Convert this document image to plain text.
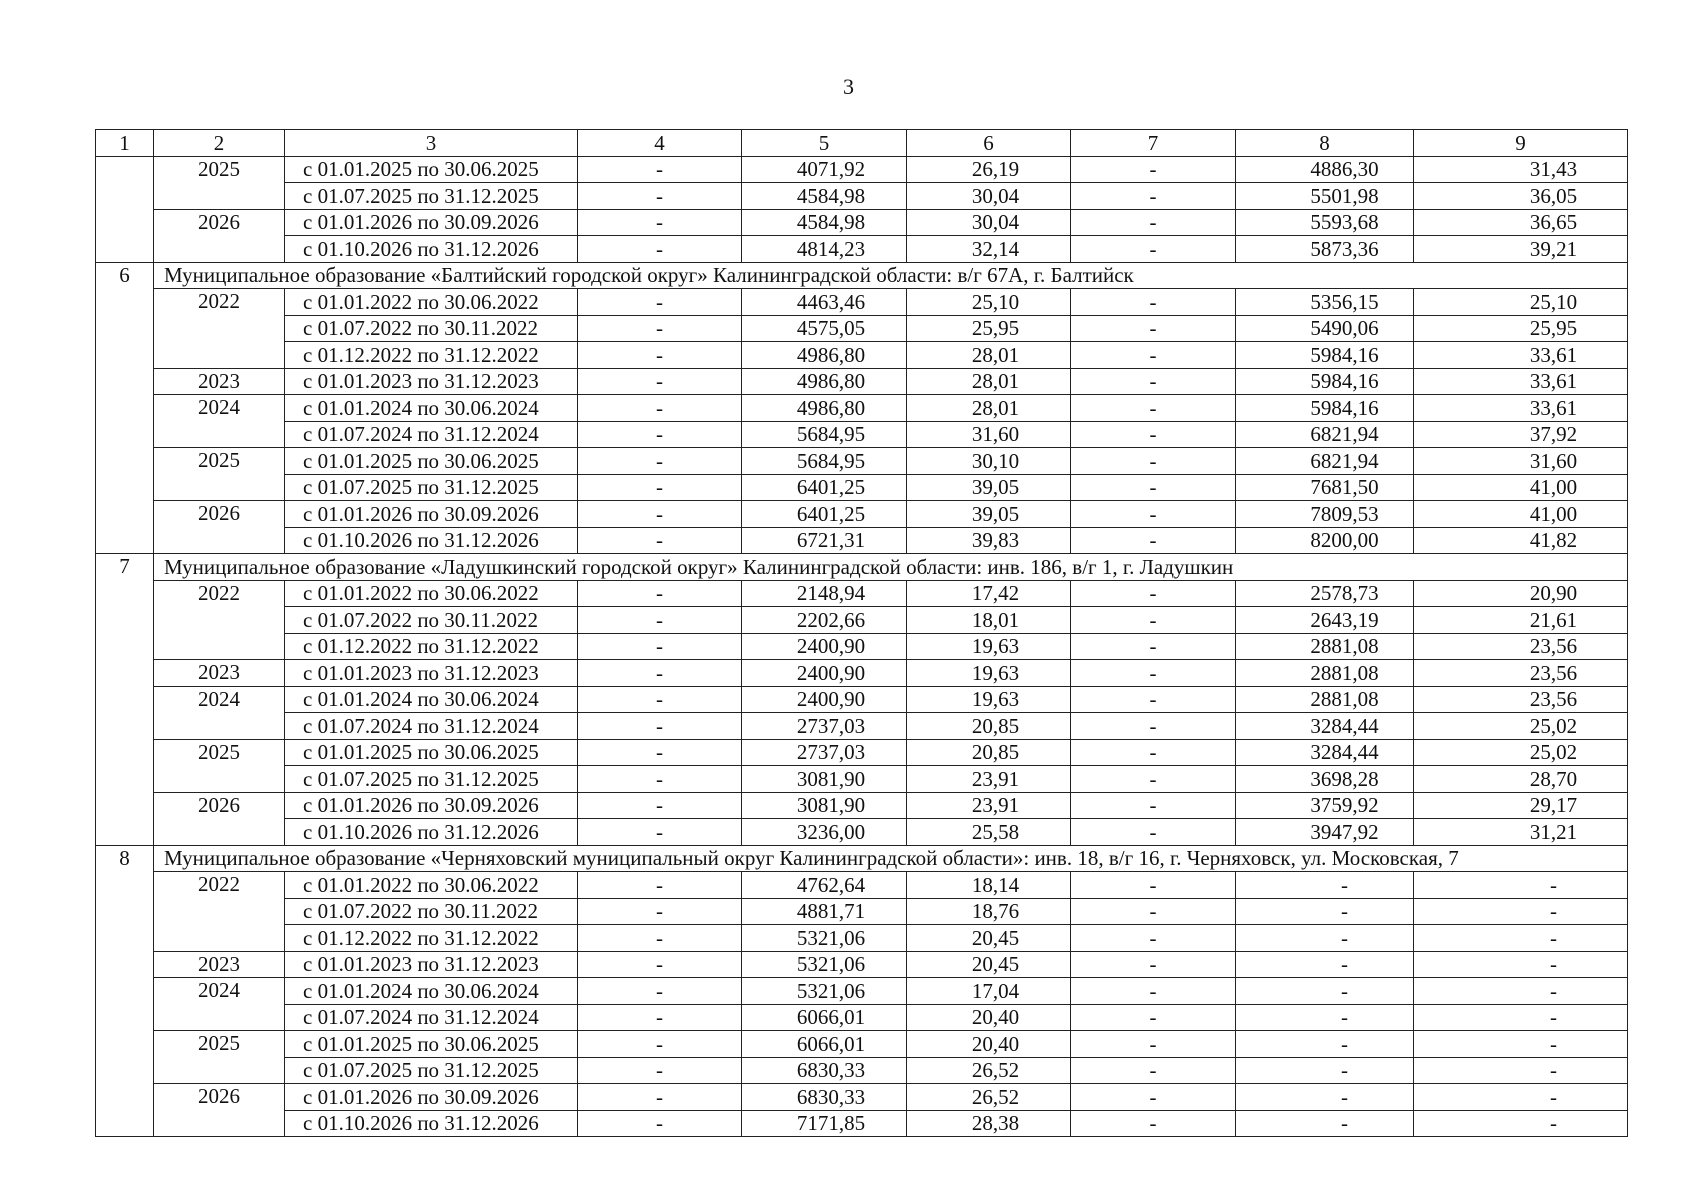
3
1	2	3	4	5	6	7	8	9
	2025	с 01.01.2025 по 30.06.2025	-	4071,92	26,19	-	4886,30	31,43
		с 01.07.2025 по 31.12.2025	-	4584,98	30,04	-	5501,98	36,05
	2026	с 01.01.2026 по 30.09.2026	-	4584,98	30,04	-	5593,68	36,65
		с 01.10.2026 по 31.12.2026	-	4814,23	32,14	-	5873,36	39,21
6	Муниципальное образование «Балтийский городской округ» Калининградской области: в/г 67А, г. Балтийск							
	2022	с 01.01.2022 по 30.06.2022	-	4463,46	25,10	-	5356,15	25,10
		с 01.07.2022 по 30.11.2022	-	4575,05	25,95	-	5490,06	25,95
		с 01.12.2022 по 31.12.2022	-	4986,80	28,01	-	5984,16	33,61
	2023	с 01.01.2023 по 31.12.2023	-	4986,80	28,01	-	5984,16	33,61
	2024	с 01.01.2024 по 30.06.2024	-	4986,80	28,01	-	5984,16	33,61
		с 01.07.2024 по 31.12.2024	-	5684,95	31,60	-	6821,94	37,92
	2025	с 01.01.2025 по 30.06.2025	-	5684,95	30,10	-	6821,94	31,60
		с 01.07.2025 по 31.12.2025	-	6401,25	39,05	-	7681,50	41,00
	2026	с 01.01.2026 по 30.09.2026	-	6401,25	39,05	-	7809,53	41,00
		с 01.10.2026 по 31.12.2026	-	6721,31	39,83	-	8200,00	41,82
7	Муниципальное образование «Ладушкинский городской округ» Калининградской области: инв. 186, в/г 1, г. Ладушкин							
	2022	с 01.01.2022 по 30.06.2022	-	2148,94	17,42	-	2578,73	20,90
		с 01.07.2022 по 30.11.2022	-	2202,66	18,01	-	2643,19	21,61
		с 01.12.2022 по 31.12.2022	-	2400,90	19,63	-	2881,08	23,56
	2023	с 01.01.2023 по 31.12.2023	-	2400,90	19,63	-	2881,08	23,56
	2024	с 01.01.2024 по 30.06.2024	-	2400,90	19,63	-	2881,08	23,56
		с 01.07.2024 по 31.12.2024	-	2737,03	20,85	-	3284,44	25,02
	2025	с 01.01.2025 по 30.06.2025	-	2737,03	20,85	-	3284,44	25,02
		с 01.07.2025 по 31.12.2025	-	3081,90	23,91	-	3698,28	28,70
	2026	с 01.01.2026 по 30.09.2026	-	3081,90	23,91	-	3759,92	29,17
		с 01.10.2026 по 31.12.2026	-	3236,00	25,58	-	3947,92	31,21
8	Муниципальное образование «Черняховский муниципальный округ Калининградской области»: инв. 18, в/г 16, г. Черняховск, ул. Московская, 7							
	2022	с 01.01.2022 по 30.06.2022	-	4762,64	18,14	-	-	-
		с 01.07.2022 по 30.11.2022	-	4881,71	18,76	-	-	-
		с 01.12.2022 по 31.12.2022	-	5321,06	20,45	-	-	-
	2023	с 01.01.2023 по 31.12.2023	-	5321,06	20,45	-	-	-
	2024	с 01.01.2024 по 30.06.2024	-	5321,06	17,04	-	-	-
		с 01.07.2024 по 31.12.2024	-	6066,01	20,40	-	-	-
	2025	с 01.01.2025 по 30.06.2025	-	6066,01	20,40	-	-	-
		с 01.07.2025 по 31.12.2025	-	6830,33	26,52	-	-	-
	2026	с 01.01.2026 по 30.09.2026	-	6830,33	26,52	-	-	-
		с 01.10.2026 по 31.12.2026	-	7171,85	28,38	-	-	-
